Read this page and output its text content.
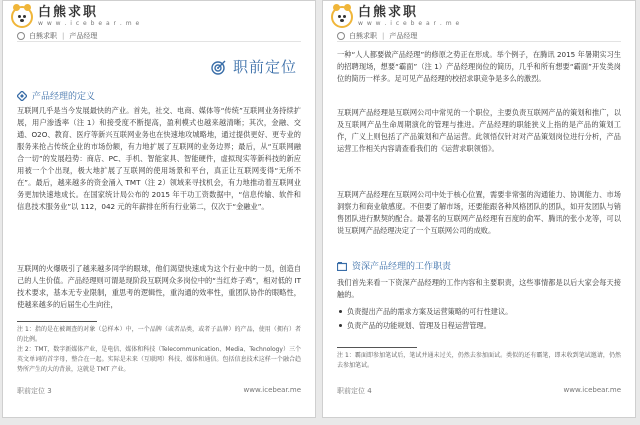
白熊求职
w w w . i c e b e a r . m e
白熊求职 | 产品经理
职前定位
产品经理的定义

互联网几乎是当今发展最快的产业。首先，社交、电商、媒体等“传统”互联网业务持续扩展，用户渗透率（注 1）和接受度不断提高，盈利模式也越来越清晰；其次，金融、交通、O2O、教育、医疗等新兴互联网业务也在快速地攻城略地，通过提供更好、更专业的服务来抢占传统企业的市场份额，有力地扩展了互联网的业务边界；最后，从“互联网融合一切”的发展趋势：商店、PC、手机、智能家具、智能硬件，虚拟现实等新科技的新应用被一个个出现，极大地扩展了互联网的使用场景和平台，真正让互联网变得“无所不在”。最后，越来越多的资金涌入 TMT（注 2）领域来寻找机会，有力地推动着互联网业务更加快速地成长。在国家统计局公布的 2015 年干功工资数据中，“信息传输、软件和信息技术服务业”以 112，042 元的年薪排在所有行业第二，仅次于“金融业”。

互联网的火爆吸引了越来越多同学的眼球，他们渴望快速成为这个行业中的一员，创造自己的人生价值。产品经理则可谓是现阶段互联网众多岗位中的“当红炸子鸡”，相对低的 IT 技术要求，基本无专业限制，重思考的逻辑性，重沟通的效率性，重团队协作的眼略性，使越来越多的后届生心生向往，

注 1：指的是在被调查的对象（总样本）中，一个品牌（或者品类，或者子品牌）的产品，使用（拥有）者的比例。

注 2：TMT，数字新媒体产业，是电信、媒体和科技（Telecommunication、Media、Technology）三个英文单词的首字母，整合在一起。实际是未来（互联网）科技、媒体和通信。包括信息技术这样一个融合趋势所产生的大的背景，这就是 TMT 产业。

职前定位 3	www.icebear.me
白熊求职
w w w . i c e b e a r . m e
白熊求职 | 产品经理

一种“人人都要做产品经理”的修原之势正在形成。举个例子，在腾讯 2015 年暑期实习生的招聘现场，想要“霸面”（注 1）产品经理岗位的简历，几乎和所有想要“霸面”开发类岗位的简历一样多。足可见产品经理的校招求职竞争是多么的激烈。

互联网产品经理是互联网公司中常见的一个职位，主要负责互联网产品的策划和推广，以及互联网产品生命周期演化的管理与推进。产品经理的职能狭义上指的是产品的策划工作，广义上则包括了产品策划和产品运营。此领悟仅针对对产品策划岗位进行分析，产品运营工作相关内容请查看我们的《运营求职领悟》。

互联网产品经理在互联网公司中处于核心位置，需要非常强的沟通能力、协调能力、市场洞察力和商业敏感度。不但要了解市场，还要能跟各种风格团队的团队，如开发团队与销售团队进行默契的配合。最著名的互联网产品经理有百度的俞军、腾讯的张小龙等，可以说互联网产品经理决定了一个互联网公司的成败。

资深产品经理的工作职责

我们首先来看一下资深产品经理的工作内容和主要职责，这些事情都是以后大家会每天接触的。

负责提出产品的需求方案及运营策略的可行性建议。
负责产品的功能规划、管理及日程运营管理。

注 1：霸面即参加笔试后，笔试并通未过关，仍然去参加面试。类似的还有霸笔，即未收到笔试邀请，仍然去参加笔试。

职前定位 4	www.icebear.me
